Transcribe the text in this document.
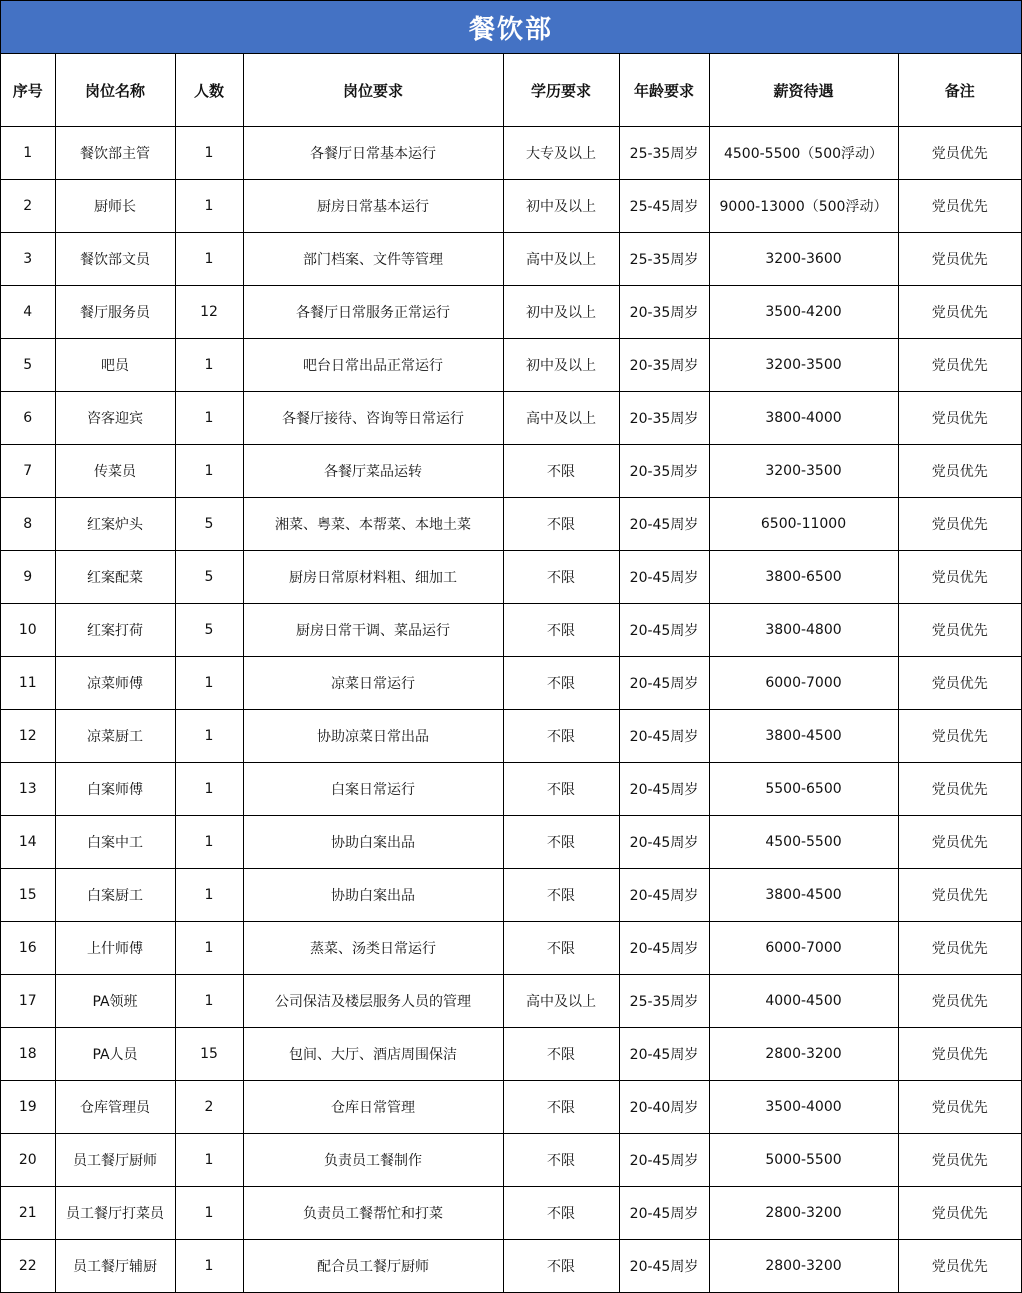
餐饮部
序号	岗位名称	人数	岗位要求	学历要求	年龄要求	薪资待遇	备注
1	餐饮部主管	1	各餐厅日常基本运行	大专及以上	25-35周岁	4500-5500（500浮动）	党员优先
2	厨师长	1	厨房日常基本运行	初中及以上	25-45周岁	9000-13000（500浮动）	党员优先
3	餐饮部文员	1	部门档案、文件等管理	高中及以上	25-35周岁	3200-3600	党员优先
4	餐厅服务员	12	各餐厅日常服务正常运行	初中及以上	20-35周岁	3500-4200	党员优先
5	吧员	1	吧台日常出品正常运行	初中及以上	20-35周岁	3200-3500	党员优先
6	咨客迎宾	1	各餐厅接待、咨询等日常运行	高中及以上	20-35周岁	3800-4000	党员优先
7	传菜员	1	各餐厅菜品运转	不限	20-35周岁	3200-3500	党员优先
8	红案炉头	5	湘菜、粤菜、本帮菜、本地土菜	不限	20-45周岁	6500-11000	党员优先
9	红案配菜	5	厨房日常原材料粗、细加工	不限	20-45周岁	3800-6500	党员优先
10	红案打荷	5	厨房日常干调、菜品运行	不限	20-45周岁	3800-4800	党员优先
11	凉菜师傅	1	凉菜日常运行	不限	20-45周岁	6000-7000	党员优先
12	凉菜厨工	1	协助凉菜日常出品	不限	20-45周岁	3800-4500	党员优先
13	白案师傅	1	白案日常运行	不限	20-45周岁	5500-6500	党员优先
14	白案中工	1	协助白案出品	不限	20-45周岁	4500-5500	党员优先
15	白案厨工	1	协助白案出品	不限	20-45周岁	3800-4500	党员优先
16	上什师傅	1	蒸菜、汤类日常运行	不限	20-45周岁	6000-7000	党员优先
17	PA领班	1	公司保洁及楼层服务人员的管理	高中及以上	25-35周岁	4000-4500	党员优先
18	PA人员	15	包间、大厅、酒店周围保洁	不限	20-45周岁	2800-3200	党员优先
19	仓库管理员	2	仓库日常管理	不限	20-40周岁	3500-4000	党员优先
20	员工餐厅厨师	1	负责员工餐制作	不限	20-45周岁	5000-5500	党员优先
21	员工餐厅打菜员	1	负责员工餐帮忙和打菜	不限	20-45周岁	2800-3200	党员优先
22	员工餐厅辅厨	1	配合员工餐厅厨师	不限	20-45周岁	2800-3200	党员优先
